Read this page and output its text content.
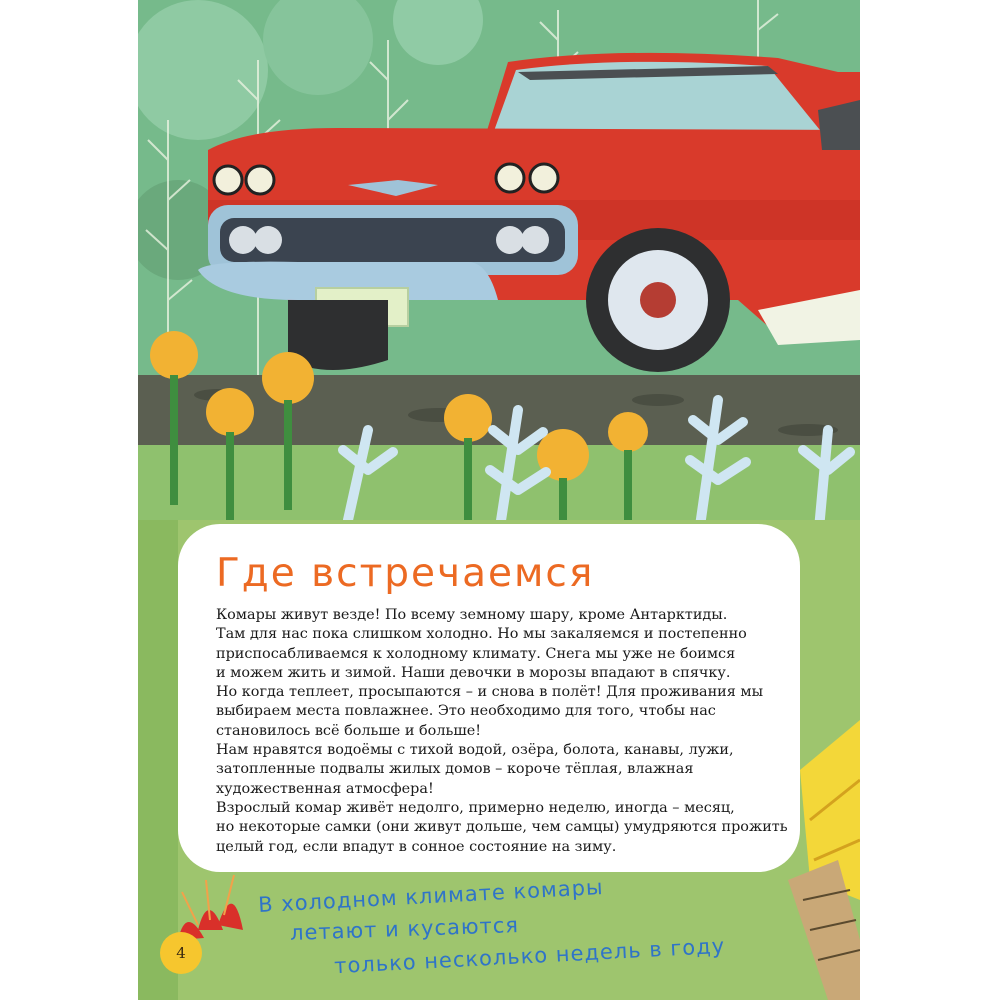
Где встречаемся
Комары живут везде! По всему земному шару, кроме Антарктиды.
Там для нас пока слишком холодно. Но мы закаляемся и постепенно
приспосабливаемся к холодному климату. Снега мы уже не боимся
и можем жить и зимой. Наши девочки в морозы впадают в спячку.
Но когда теплеет, просыпаются – и снова в полёт! Для проживания мы
выбираем места повлажнее. Это необходимо для того, чтобы нас
становилось всё больше и больше!
Нам нравятся водоёмы с тихой водой, озёра, болота, канавы, лужи,
затопленные подвалы жилых домов – короче тёплая, влажная
художественная атмосфера!
Взрослый комар живёт недолго, примерно неделю, иногда – месяц,
но некоторые самки (они живут дольше, чем самцы) умудряются прожить
целый год, если впадут в сонное состояние на зиму.
В холодном климате комары
летают и кусаются
только несколько недель в году
4
